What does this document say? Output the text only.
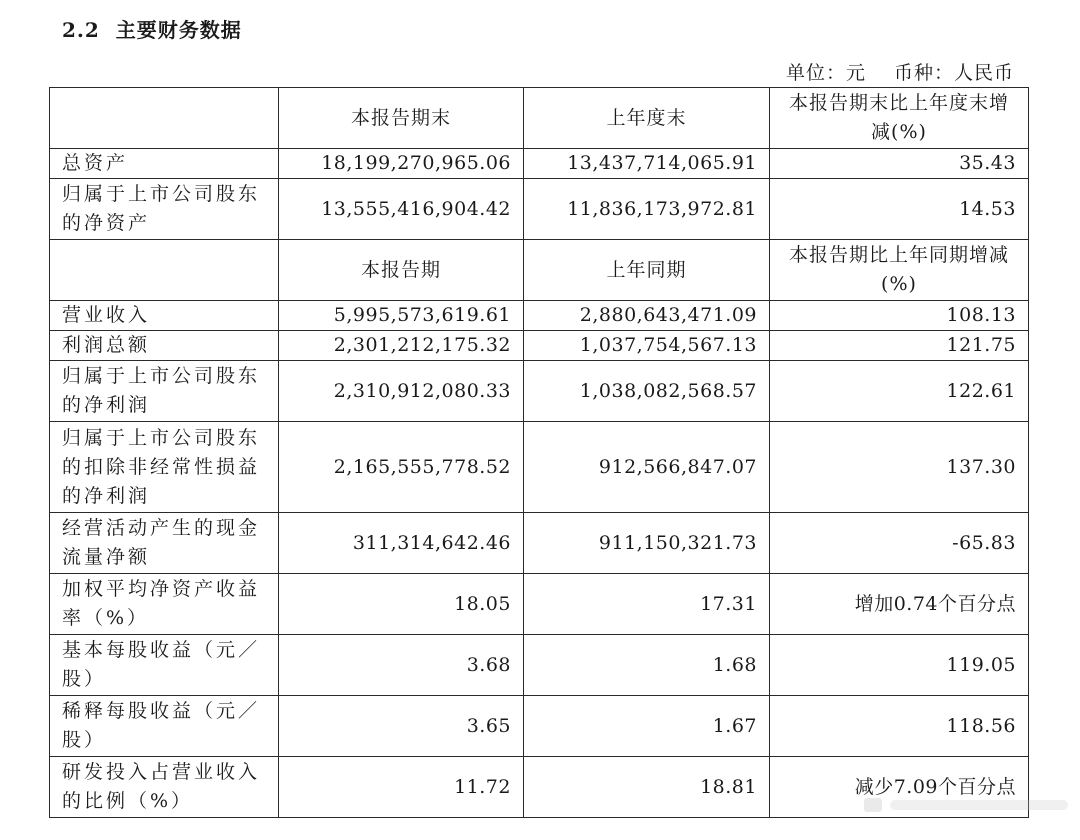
2.2 主要财务数据
单位：元 币种：人民币
	本报告期末	上年度末	本报告期末比上年度末增减(%)
总资产	18,199,270,965.06	13,437,714,065.91	35.43
归属于上市公司股东的净资产	13,555,416,904.42	11,836,173,972.81	14.53
	本报告期	上年同期	本报告期比上年同期增减(%)
营业收入	5,995,573,619.61	2,880,643,471.09	108.13
利润总额	2,301,212,175.32	1,037,754,567.13	121.75
归属于上市公司股东的净利润	2,310,912,080.33	1,038,082,568.57	122.61
归属于上市公司股东的扣除非经常性损益的净利润	2,165,555,778.52	912,566,847.07	137.30
经营活动产生的现金流量净额	311,314,642.46	911,150,321.73	-65.83
加权平均净资产收益率（%）	18.05	17.31	增加0.74个百分点
基本每股收益（元／股）	3.68	1.68	119.05
稀释每股收益（元／股）	3.65	1.67	118.56
研发投入占营业收入的比例（%）	11.72	18.81	减少7.09个百分点
